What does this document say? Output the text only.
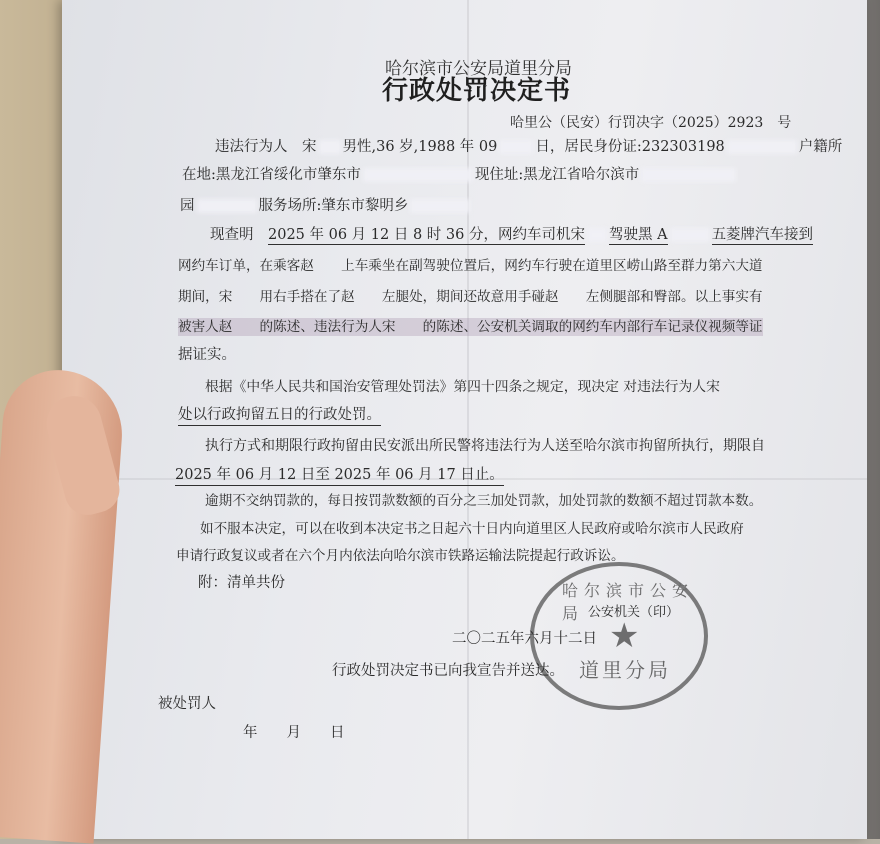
哈尔滨市公安局道里分局
行政处罚决定书
哈里公（民安）行罚决字（2025）2923　号
违法行为人　宋 男性,36 岁,1988 年 09	日，居民身份证:232303198	户籍所
在地:黑龙江省绥化市肇东市	现住址:黑龙江省哈尔滨市
园	服务场所:肇东市黎明乡
现查明　 2025 年 06 月 12 日 8 时 36 分，网约车司机宋 驾驶黑 A	五菱牌汽车接到
网约车订单，在乘客赵　　上车乘坐在副驾驶位置后，网约车行驶在道里区崂山路至群力第六大道
期间，宋　　用右手搭在了赵　　左腿处，期间还故意用手碰赵　　左侧腿部和臀部。以上事实有
被害人赵　　的陈述、违法行为人宋　　的陈述、公安机关调取的网约车内部行车记录仪视频等证
据证实。
根据《中华人民共和国治安管理处罚法》第四十四条之规定，现决定 对违法行为人宋
处以行政拘留五日的行政处罚。
执行方式和期限行政拘留由民安派出所民警将违法行为人送至哈尔滨市拘留所执行，期限自
2025 年 06 月 12 日至 2025 年 06 月 17 日止。
逾期不交纳罚款的，每日按罚款数额的百分之三加处罚款，加处罚款的数额不超过罚款本数。
如不服本决定，可以在收到本决定书之日起六十日内向道里区人民政府或哈尔滨市人民政府
申请行政复议或者在六个月内依法向哈尔滨市铁路运输法院提起行政诉讼。
附：清单共份	哈尔滨市公安局
★
道里分局
公安机关（印）
二〇二五年六月十二日
行政处罚决定书已向我宣告并送达。
被处罚人
年　　月　　日
